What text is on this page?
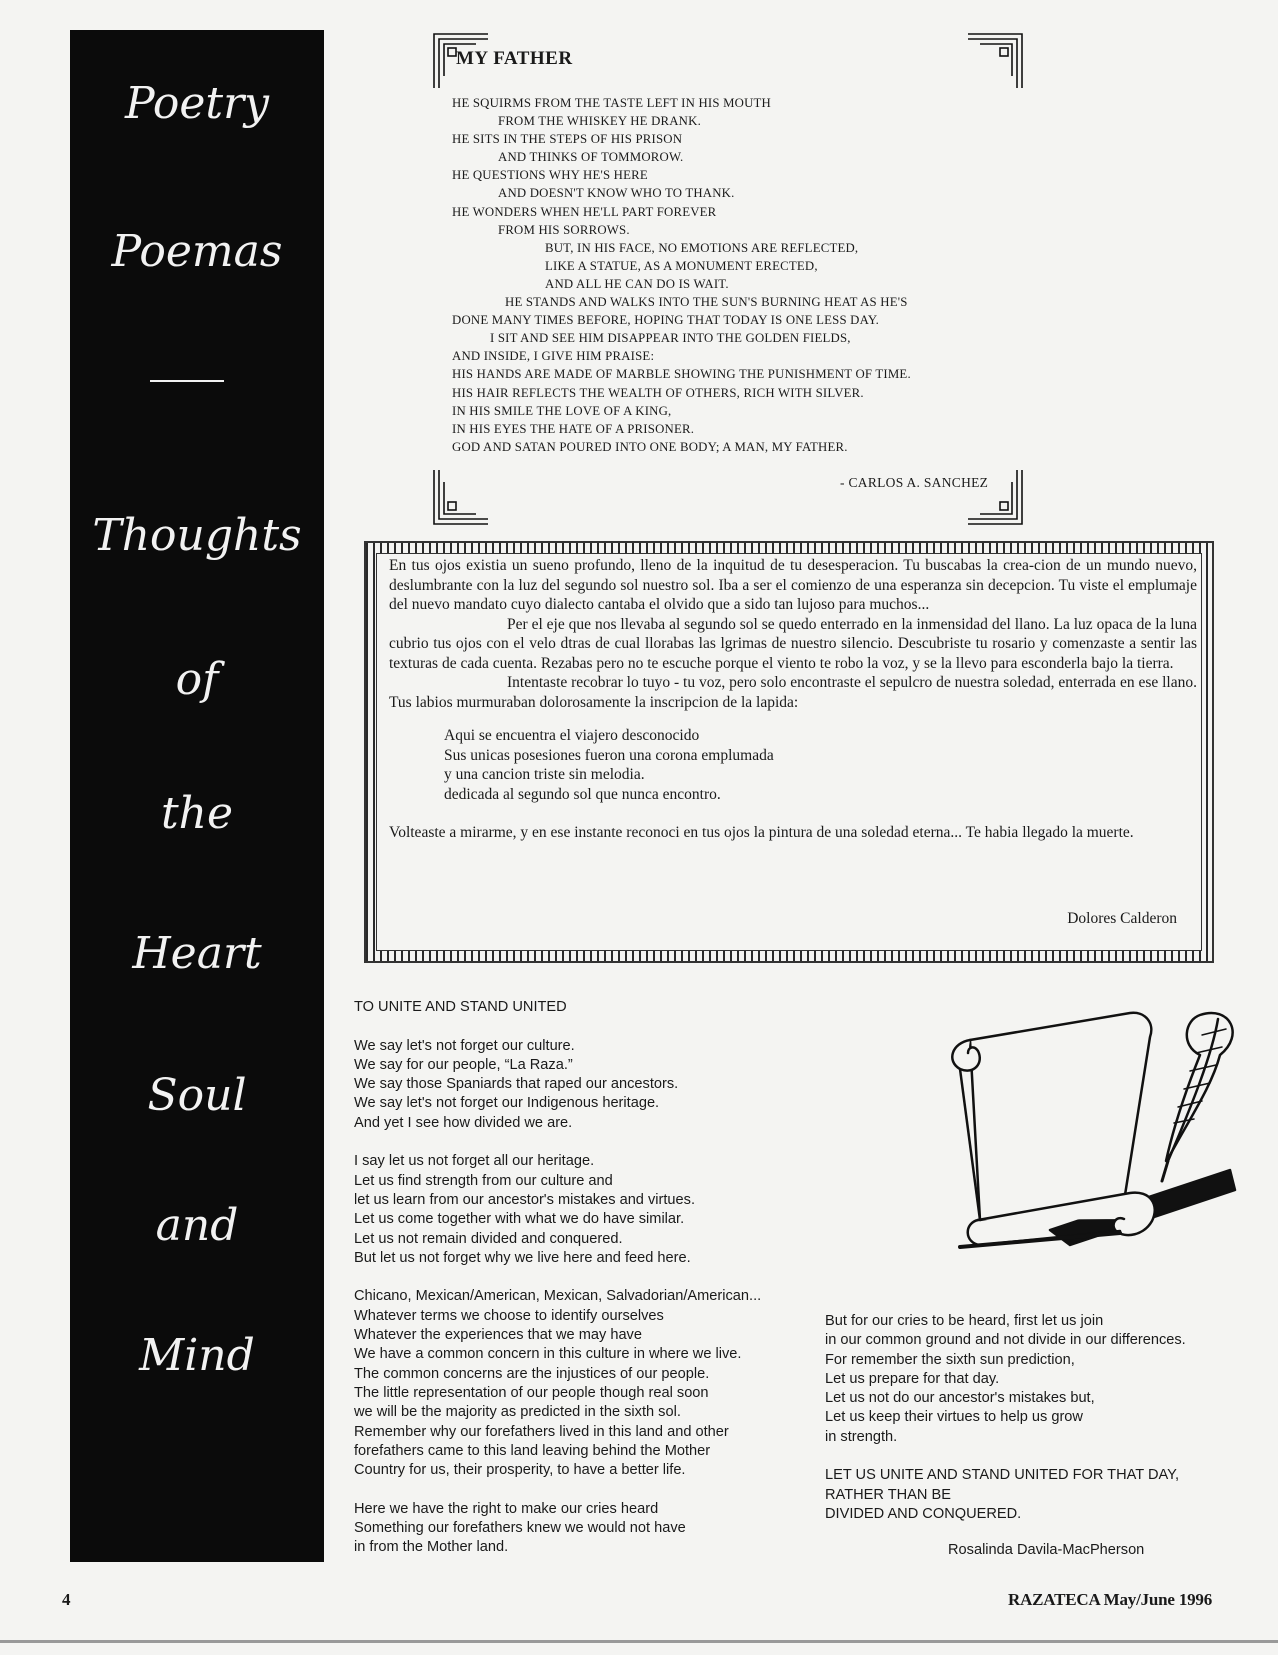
Poetry
Poemas
Thoughts
of
the
Heart
Soul
and
Mind
MY FATHER
HE SQUIRMS FROM THE TASTE LEFT IN HIS MOUTH
FROM THE WHISKEY HE DRANK.
HE SITS IN THE STEPS OF HIS PRISON
AND THINKS OF TOMMOROW.
HE QUESTIONS WHY HE'S HERE
AND DOESN'T KNOW WHO TO THANK.
HE WONDERS WHEN HE'LL PART FOREVER
FROM HIS SORROWS.
BUT, IN HIS FACE, NO EMOTIONS ARE REFLECTED,
LIKE A STATUE, AS A MONUMENT ERECTED,
AND ALL HE CAN DO IS WAIT.
HE STANDS AND WALKS INTO THE SUN'S BURNING HEAT AS HE'S
DONE MANY TIMES BEFORE, HOPING THAT TODAY IS ONE LESS DAY.
I SIT AND SEE HIM DISAPPEAR INTO THE GOLDEN FIELDS,
AND INSIDE, I GIVE HIM PRAISE:
HIS HANDS ARE MADE OF MARBLE SHOWING THE PUNISHMENT OF TIME.
HIS HAIR REFLECTS THE WEALTH OF OTHERS, RICH WITH SILVER.
IN HIS SMILE THE LOVE OF A KING,
IN HIS EYES THE HATE OF A PRISONER.
GOD AND SATAN POURED INTO ONE BODY; A MAN, MY FATHER.
- CARLOS A. SANCHEZ

En tus ojos existia un sueno profundo, lleno de la inquitud de tu desesperacion. Tu buscabas la crea-cion de un mundo nuevo, deslumbrante con la luz del segundo sol nuestro sol. Iba a ser el comienzo de una esperanza sin decepcion. Tu viste el emplumaje del nuevo mandato cuyo dialecto cantaba el olvido que a sido tan lujoso para muchos...

Per el eje que nos llevaba al segundo sol se quedo enterrado en la inmensidad del llano. La luz opaca de la luna cubrio tus ojos con el velo dtras de cual llorabas las lgrimas de nuestro silencio. Descubriste tu rosario y comenzaste a sentir las texturas de cada cuenta. Rezabas pero no te escuche porque el viento te robo la voz, y se la llevo para esconderla bajo la tierra.

Intentaste recobrar lo tuyo - tu voz, pero solo encontraste el sepulcro de nuestra soledad, enterrada en ese llano. Tus labios murmuraban dolorosamente la inscripcion de la lapida:

Aqui se encuentra el viajero desconocido
Sus unicas posesiones fueron una corona emplumada
y una cancion triste sin melodia.
dedicada al segundo sol que nunca encontro.

Volteaste a mirarme, y en ese instante reconoci en tus ojos la pintura de una soledad eterna... Te habia llegado la muerte.

Dolores Calderon
TO UNITE AND STAND UNITED
We say let's not forget our culture.
We say for our people, “La Raza.”
We say those Spaniards that raped our ancestors.
We say let's not forget our Indigenous heritage.
And yet I see how divided we are.
I say let us not forget all our heritage.
Let us find strength from our culture and
let us learn from our ancestor's mistakes and virtues.
Let us come together with what we do have similar.
Let us not remain divided and conquered.
But let us not forget why we live here and feed here.
Chicano, Mexican/American, Mexican, Salvadorian/American...
Whatever terms we choose to identify ourselves
Whatever the experiences that we may have
We have a common concern in this culture in where we live.
The common concerns are the injustices of our people.
The little representation of our people though real soon
we will be the majority as predicted in the sixth sol.
Remember why our forefathers lived in this land and other
forefathers came to this land leaving behind the Mother
Country for us, their prosperity, to have a better life.
Here we have the right to make our cries heard
Something our forefathers knew we would not have
in from the Mother land.
But for our cries to be heard, first let us join
in our common ground and not divide in our differences.
For remember the sixth sun prediction,
Let us prepare for that day.
Let us not do our ancestor's mistakes but,
Let us keep their virtues to help us grow
in strength.
LET US UNITE AND STAND UNITED FOR THAT DAY,
RATHER THAN BE
DIVIDED AND CONQUERED.
Rosalinda Davila-MacPherson
4	RAZATECA May/June 1996
